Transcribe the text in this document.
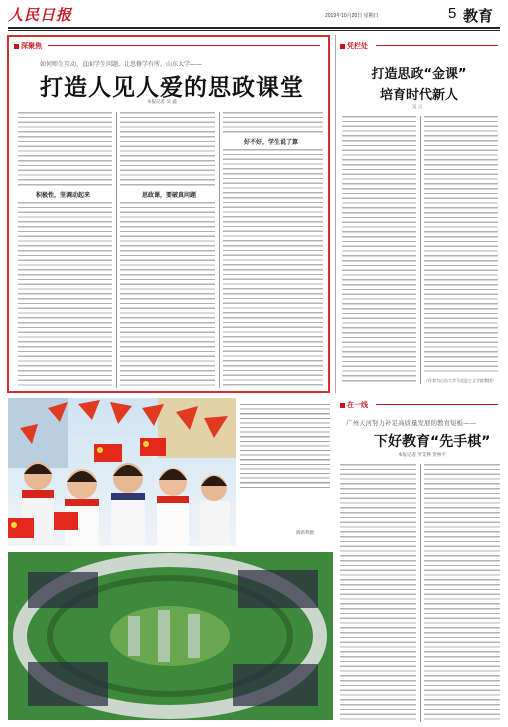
人民日报	2019年10月20日 星期日	5 教育
深聚焦
如何师生互动、直面学生问题、让思修学有所，山东大学——
打造人见人爱的思政课堂
本报记者 吴 鑫
积极性，坚调动起来	思政课，要破真问题
好不好，学生说了算
凭栏处
打造思政“金课”
培育时代新人
吴 云
（作者为山东大学马克思主义学院教授）
陶新利摄
在一线
广州天河努力补足高质量发展的教育短板——
下好教育“先手棋”
本报记者 罗艾桦 贺林平
